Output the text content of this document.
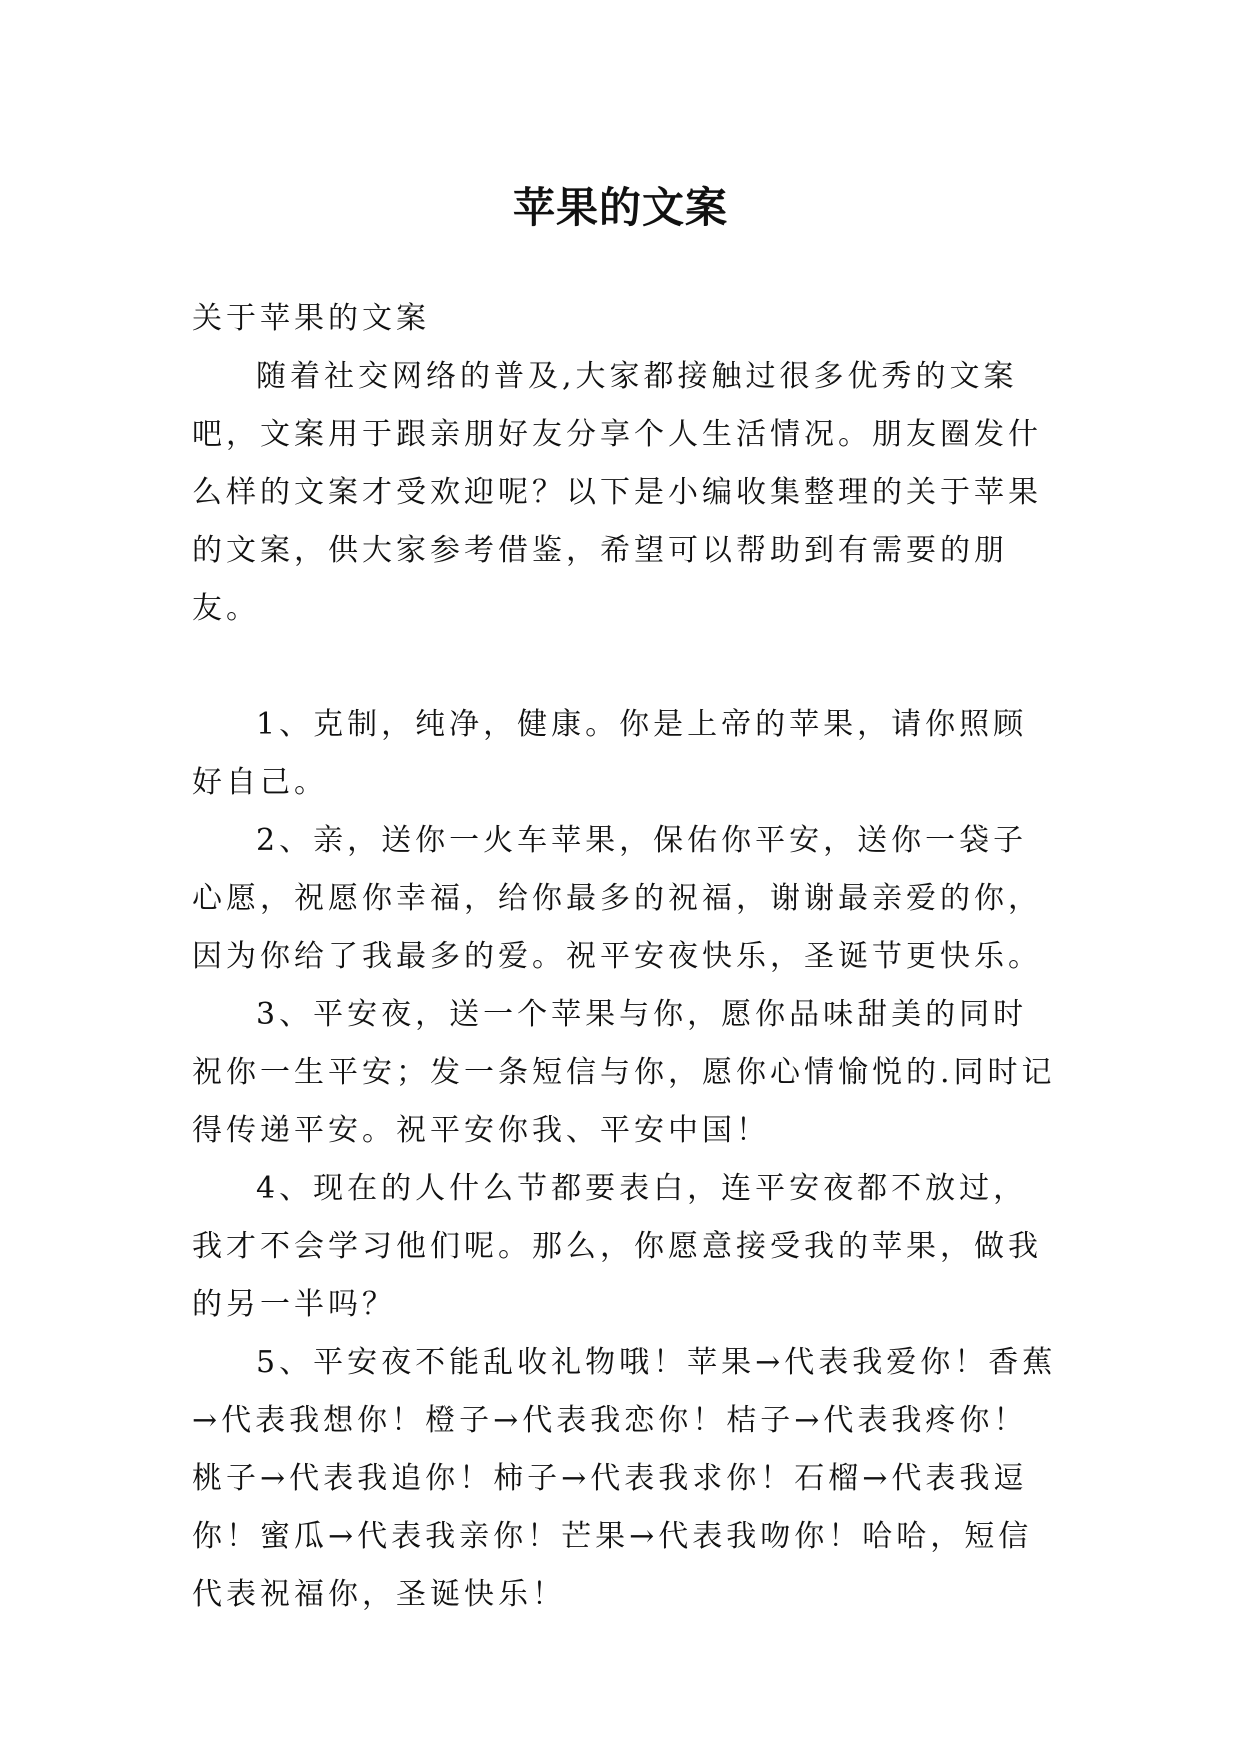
苹果的文案

关于苹果的文案

随着社交网络的普及,大家都接触过很多优秀的文案吧，文案用于跟亲朋好友分享个人生活情况。朋友圈发什么样的文案才受欢迎呢？以下是小编收集整理的关于苹果的文案，供大家参考借鉴，希望可以帮助到有需要的朋友。

1、克制，纯净，健康。你是上帝的苹果，请你照顾好自己。

2、亲，送你一火车苹果，保佑你平安，送你一袋子心愿，祝愿你幸福，给你最多的祝福，谢谢最亲爱的你，因为你给了我最多的爱。祝平安夜快乐，圣诞节更快乐。

3、平安夜，送一个苹果与你，愿你品味甜美的同时祝你一生平安；发一条短信与你，愿你心情愉悦的.同时记得传递平安。祝平安你我、平安中国！

4、现在的人什么节都要表白，连平安夜都不放过，我才不会学习他们呢。那么，你愿意接受我的苹果，做我的另一半吗？

5、平安夜不能乱收礼物哦！苹果→代表我爱你！香蕉→代表我想你！橙子→代表我恋你！桔子→代表我疼你！桃子→代表我追你！柿子→代表我求你！石榴→代表我逗你！蜜瓜→代表我亲你！芒果→代表我吻你！哈哈，短信代表祝福你，圣诞快乐！
